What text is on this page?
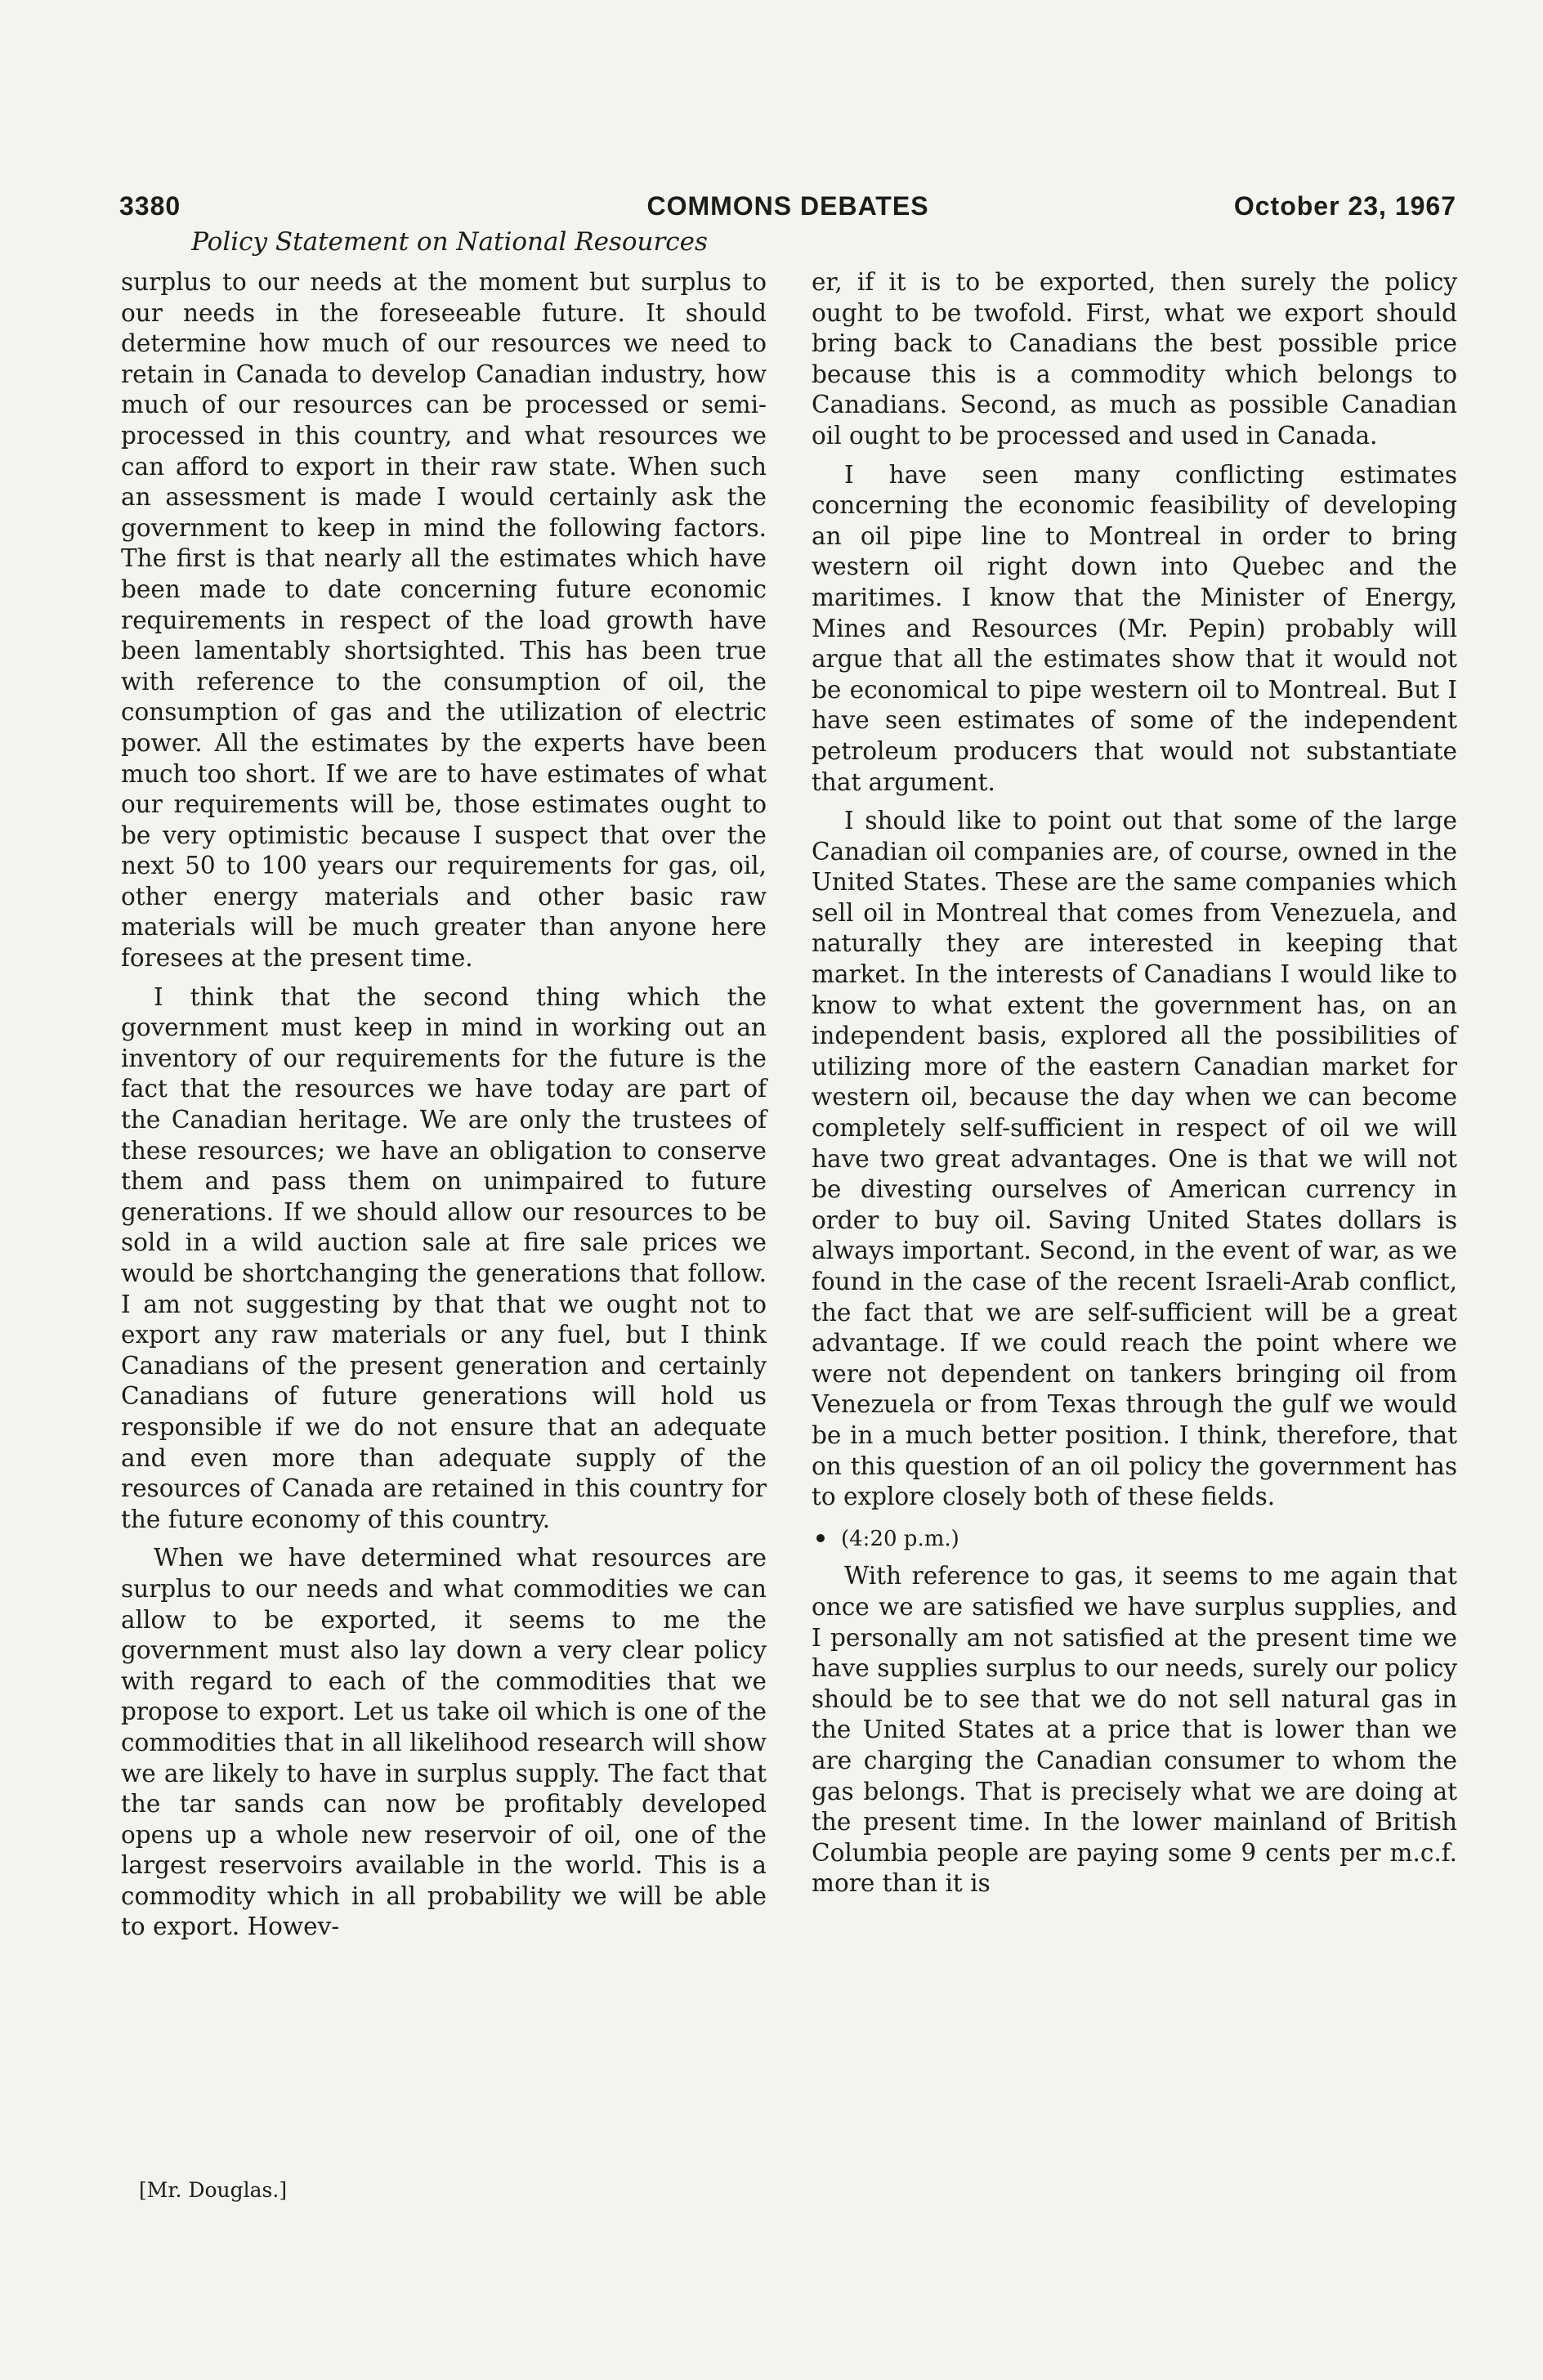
COMMONS DEBATES
3380	October 23, 1967
Policy Statement on National Resources

surplus to our needs at the moment but surplus to our needs in the foreseeable future. It should determine how much of our resources we need to retain in Canada to develop Canadian industry, how much of our resources can be processed or semi-processed in this country, and what resources we can afford to export in their raw state. When such an assessment is made I would certainly ask the government to keep in mind the following factors. The first is that nearly all the estimates which have been made to date concerning future economic requirements in respect of the load growth have been lamentably shortsighted. This has been true with reference to the consumption of oil, the consumption of gas and the utilization of electric power. All the estimates by the experts have been much too short. If we are to have estimates of what our requirements will be, those estimates ought to be very optimistic because I suspect that over the next 50 to 100 years our requirements for gas, oil, other energy materials and other basic raw materials will be much greater than anyone here foresees at the present time.

I think that the second thing which the government must keep in mind in working out an inventory of our requirements for the future is the fact that the resources we have today are part of the Canadian heritage. We are only the trustees of these resources; we have an obligation to conserve them and pass them on unimpaired to future generations. If we should allow our resources to be sold in a wild auction sale at fire sale prices we would be shortchanging the generations that follow. I am not suggesting by that that we ought not to export any raw materials or any fuel, but I think Canadians of the present generation and certainly Canadians of future generations will hold us responsible if we do not ensure that an adequate and even more than adequate supply of the resources of Canada are retained in this country for the future economy of this country.

When we have determined what resources are surplus to our needs and what commodities we can allow to be exported, it seems to me the government must also lay down a very clear policy with regard to each of the commodities that we propose to export. Let us take oil which is one of the commodities that in all likelihood research will show we are likely to have in surplus supply. The fact that the tar sands can now be profitably developed opens up a whole new reservoir of oil, one of the largest reservoirs available in the world. This is a commodity which in all probability we will be able to export. Howev-

er, if it is to be exported, then surely the policy ought to be twofold. First, what we export should bring back to Canadians the best possible price because this is a commodity which belongs to Canadians. Second, as much as possible Canadian oil ought to be processed and used in Canada.

I have seen many conflicting estimates concerning the economic feasibility of developing an oil pipe line to Montreal in order to bring western oil right down into Quebec and the maritimes. I know that the Minister of Energy, Mines and Resources (Mr. Pepin) probably will argue that all the estimates show that it would not be economical to pipe western oil to Montreal. But I have seen estimates of some of the independent petroleum producers that would not substantiate that argument.

I should like to point out that some of the large Canadian oil companies are, of course, owned in the United States. These are the same companies which sell oil in Montreal that comes from Venezuela, and naturally they are interested in keeping that market. In the interests of Canadians I would like to know to what extent the government has, on an independent basis, explored all the possibilities of utilizing more of the eastern Canadian market for western oil, because the day when we can become completely self-sufficient in respect of oil we will have two great advantages. One is that we will not be divesting ourselves of American currency in order to buy oil. Saving United States dollars is always important. Second, in the event of war, as we found in the case of the recent Israeli-Arab conflict, the fact that we are self-sufficient will be a great advantage. If we could reach the point where we were not dependent on tankers bringing oil from Venezuela or from Texas through the gulf we would be in a much better position. I think, therefore, that on this question of an oil policy the government has to explore closely both of these fields.

(4:20 p.m.)

With reference to gas, it seems to me again that once we are satisfied we have surplus supplies, and I personally am not satisfied at the present time we have supplies surplus to our needs, surely our policy should be to see that we do not sell natural gas in the United States at a price that is lower than we are charging the Canadian consumer to whom the gas belongs. That is precisely what we are doing at the present time. In the lower mainland of British Columbia people are paying some 9 cents per m.c.f. more than it is

[Mr. Douglas.]
